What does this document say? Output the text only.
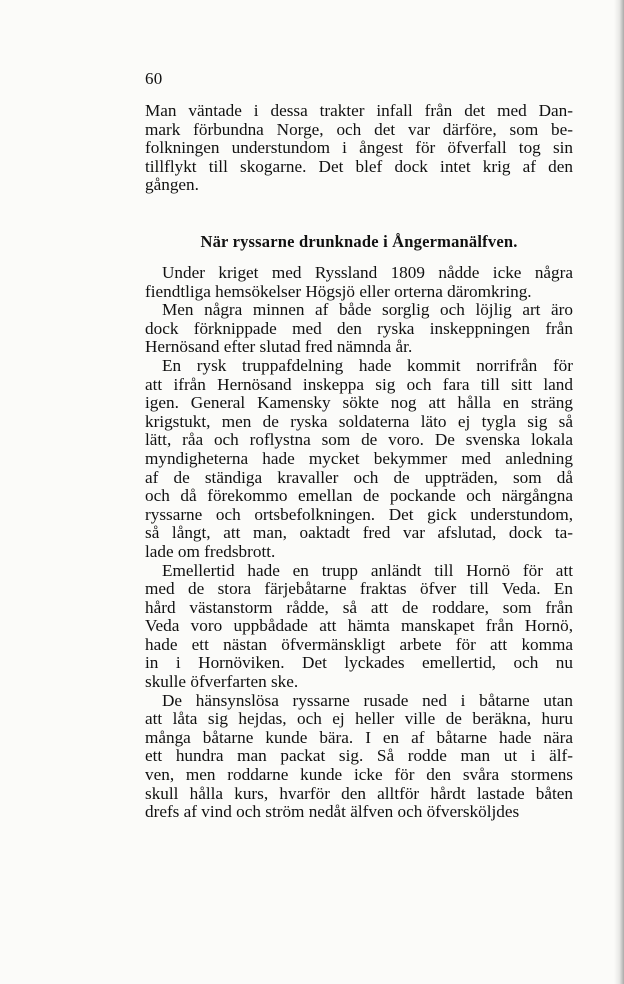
60

Man väntade i dessa trakter infall från det med Dan-

mark förbundna Norge, och det var därföre, som be-

folkningen understundom i ångest för öfverfall tog sin

tillflykt till skogarne. Det blef dock intet krig af den

gången.

När ryssarne drunknade i Ångermanälfven.

Under kriget med Ryssland 1809 nådde icke några

fiendtliga hemsökelser Högsjö eller orterna däromkring.

Men några minnen af både sorglig och löjlig art äro

dock förknippade med den ryska inskeppningen från

Hernösand efter slutad fred nämnda år.

En rysk truppafdelning hade kommit norrifrån för

att ifrån Hernösand inskeppa sig och fara till sitt land

igen. General Kamensky sökte nog att hålla en sträng

krigstukt, men de ryska soldaterna läto ej tygla sig så

lätt, råa och roflystna som de voro. De svenska lokala

myndigheterna hade mycket bekymmer med anledning

af de ständiga kravaller och de uppträden, som då

och då förekommo emellan de pockande och närgångna

ryssarne och ortsbefolkningen. Det gick understundom,

så långt, att man, oaktadt fred var afslutad, dock ta-

lade om fredsbrott.

Emellertid hade en trupp anländt till Hornö för att

med de stora färjebåtarne fraktas öfver till Veda. En

hård västanstorm rådde, så att de roddare, som från

Veda voro uppbådade att hämta manskapet från Hornö,

hade ett nästan öfvermänskligt arbete för att komma

in i Hornöviken. Det lyckades emellertid, och nu

skulle öfverfarten ske.

De hänsynslösa ryssarne rusade ned i båtarne utan

att låta sig hejdas, och ej heller ville de beräkna, huru

många båtarne kunde bära. I en af båtarne hade nära

ett hundra man packat sig. Så rodde man ut i älf-

ven, men roddarne kunde icke för den svåra stormens

skull hålla kurs, hvarför den alltför hårdt lastade båten

drefs af vind och ström nedåt älfven och öfversköljdes
